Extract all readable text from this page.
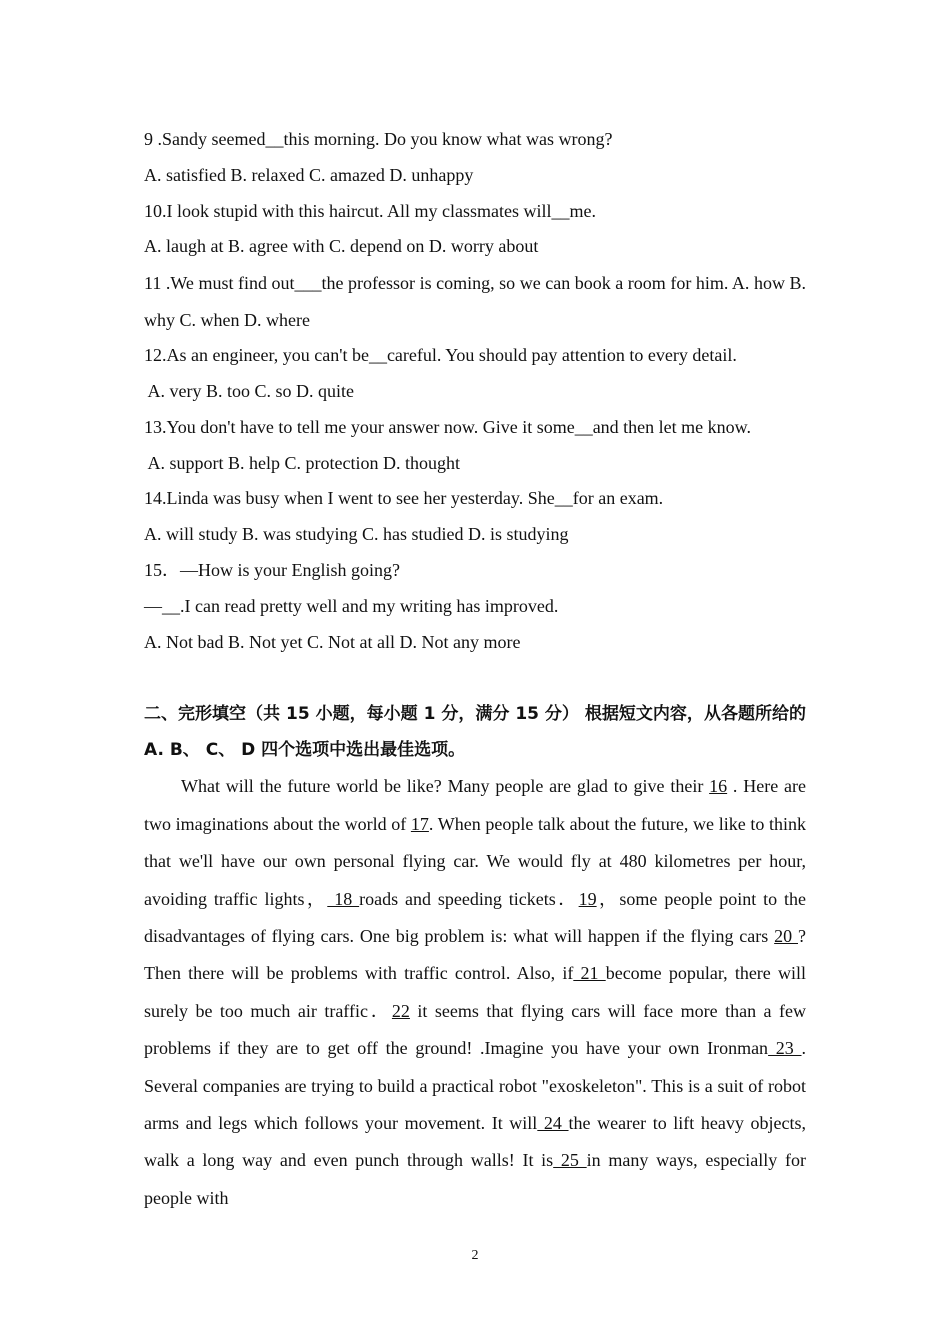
9 .Sandy seemed__this morning. Do you know what was wrong?
A. satisfied B. relaxed C. amazed D. unhappy
10.I look stupid with this haircut. All my classmates will__me.
A. laugh at B. agree with C. depend on D. worry about
11 .We must find out___the professor is coming, so we can book a room for him. A. how B. why C. when D. where
12.As an engineer, you can't be__careful. You should pay attention to every detail.
A. very B. too C. so D. quite
13.You don't have to tell me your answer now. Give it some__and then let me know.
A. support B. help C. protection D. thought
14.Linda was busy when I went to see her yesterday. She__for an exam.
A. will study B. was studying C. has studied D. is studying
15．—How is your English going?
—__.I can read pretty well and my writing has improved.
A. Not bad B. Not yet C. Not at all D. Not any more
二、完形填空（共 15 小题，每小题 1 分，满分 15 分） 根据短文内容，从各题所给的 A. B、 C、 D 四个选项中选出最佳选项。
What will the future world be like? Many people are glad to give their 16 . Here are two imaginations about the world of 17. When people talk about the future, we like to think that we'll have our own personal flying car. We would fly at 480 kilometres per hour, avoiding traffic lights， 18 roads and speeding tickets．19，some people point to the disadvantages of flying cars. One big problem is: what will happen if the flying cars 20 ? Then there will be problems with traffic control. Also, if 21 become popular, there will surely be too much air traffic．22 it seems that flying cars will face more than a few problems if they are to get off the ground! .Imagine you have your own Ironman 23 . Several companies are trying to build a practical robot "exoskeleton". This is a suit of robot arms and legs which follows your movement. It will 24 the wearer to lift heavy objects, walk a long way and even punch through walls! It is 25 in many ways, especially for people with
2
